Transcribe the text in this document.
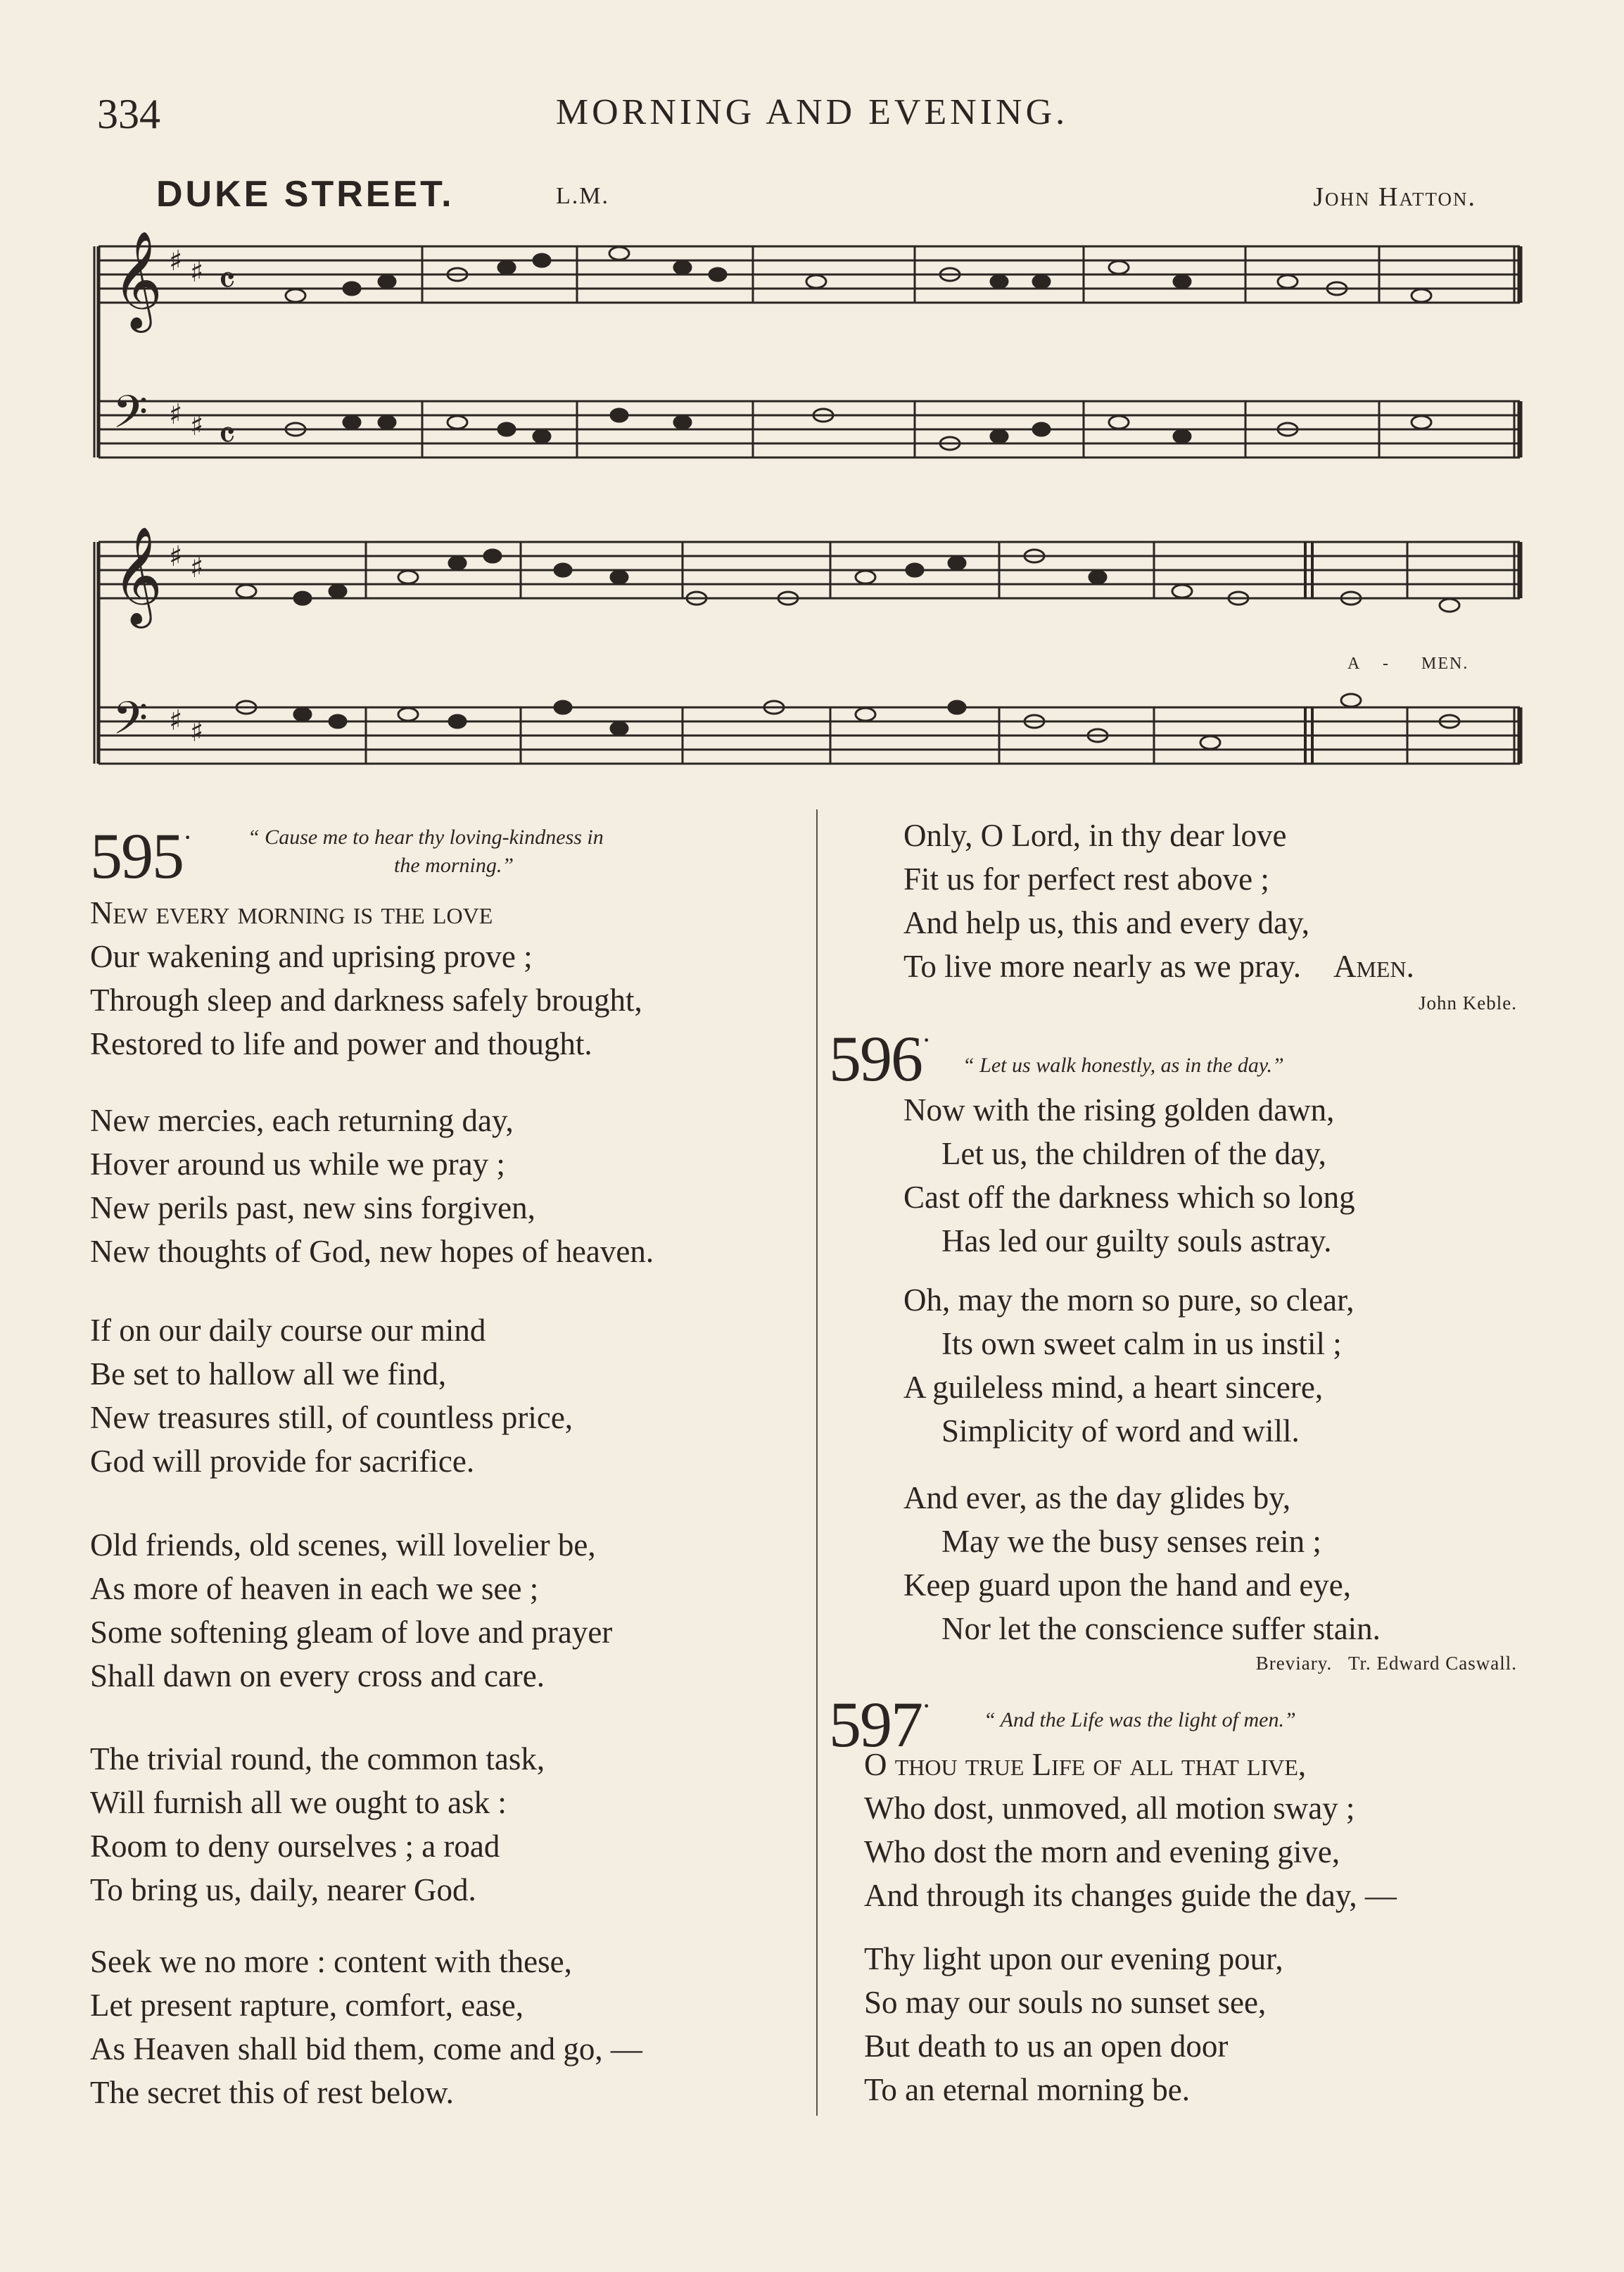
334	MORNING AND EVENING.
DUKE STREET.	L.M.	John Hatton.
𝄞
𝄢
♯ ♯
♯ ♯
𝄴
𝄴
𝄞
𝄢
♯ ♯
♯ ♯
A - MEN.
595·	“ Cause me to hear thy loving-kindness in
the morning.”
New every morning is the love
Our wakening and uprising prove ;
Through sleep and darkness safely brought,
Restored to life and power and thought.
New mercies, each returning day,
Hover around us while we pray ;
New perils past, new sins forgiven,
New thoughts of God, new hopes of heaven.
If on our daily course our mind
Be set to hallow all we find,
New treasures still, of countless price,
God will provide for sacrifice.
Old friends, old scenes, will lovelier be,
As more of heaven in each we see ;
Some softening gleam of love and prayer
Shall dawn on every cross and care.
The trivial round, the common task,
Will furnish all we ought to ask :
Room to deny ourselves ; a road
To bring us, daily, nearer God.
Seek we no more : content with these,
Let present rapture, comfort, ease,
As Heaven shall bid them, come and go, —
The secret this of rest below.
Only, O Lord, in thy dear love
Fit us for perfect rest above ;
And help us, this and every day,
To live more nearly as we pray. Amen.
John Keble.
596·
“ Let us walk honestly, as in the day.”
Now with the rising golden dawn,
Let us, the children of the day,
Cast off the darkness which so long
Has led our guilty souls astray.
Oh, may the morn so pure, so clear,
Its own sweet calm in us instil ;
A guileless mind, a heart sincere,
Simplicity of word and will.
And ever, as the day glides by,
May we the busy senses rein ;
Keep guard upon the hand and eye,
Nor let the conscience suffer stain.
Breviary.   Tr. Edward Caswall.
597·	“ And the Life was the light of men.”
O thou true Life of all that live,
Who dost, unmoved, all motion sway ;
Who dost the morn and evening give,
And through its changes guide the day, —
Thy light upon our evening pour,
So may our souls no sunset see,
But death to us an open door
To an eternal morning be.
